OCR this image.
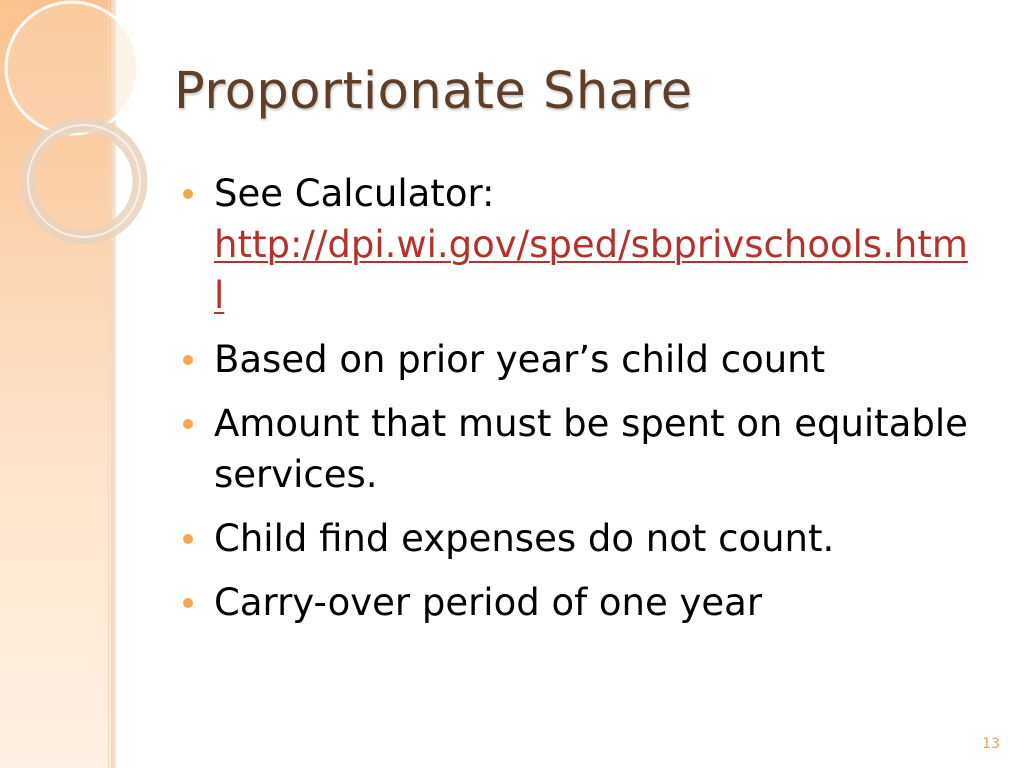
Proportionate Share
See Calculator:
http://dpi.wi.gov/sped/sbprivschools.html
Based on prior year’s child count
Amount that must be spent on equitable services.
Child find expenses do not count.
Carry-over period of one year
13
